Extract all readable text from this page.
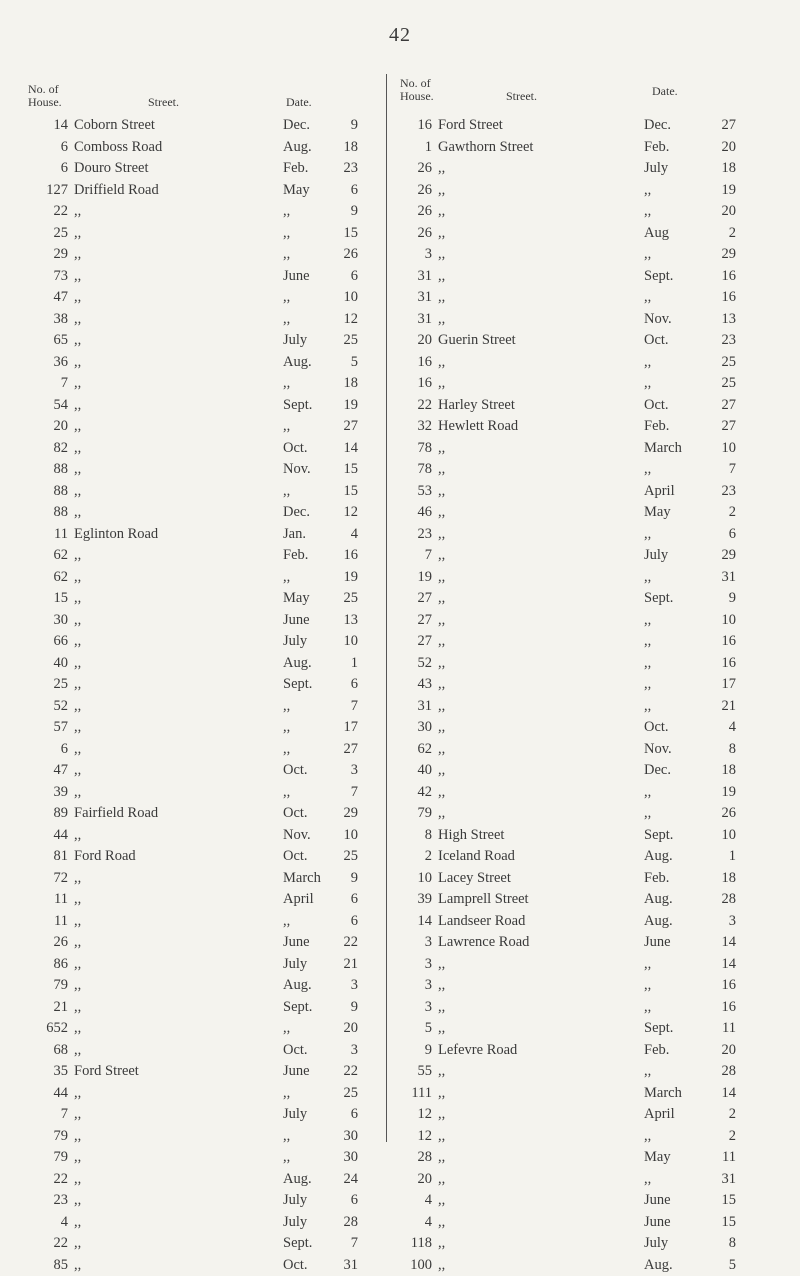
42
No. of
House.	Street.	Date.
14 Coborn Street	Dec.	9
6 Comboss Road	Aug.	18
6 Douro Street	Feb.	23
127 Driffield Road	May	6
22 ,,	,,	9
25 ,,	,,	15
29 ,,	,,	26
73 ,,	June	6
47 ,,	,,	10
38 ,,	,,	12
65 ,,	July	25
36 ,,	Aug.	5
7 ,,	,,	18
54 ,,	Sept.	19
20 ,,	,,	27
82 ,,	Oct.	14
88 ,,	Nov.	15
88 ,,	,,	15
88 ,,	Dec.	12
11 Eglinton Road	Jan.	4
62 ,,	Feb.	16
62 ,,	,,	19
15 ,,	May	25
30 ,,	June	13
66 ,,	July	10
40 ,,	Aug.	1
25 ,,	Sept.	6
52 ,,	,,	7
57 ,,	,,	17
6 ,,	,,	27
47 ,,	Oct.	3
39 ,,	,,	7
89 Fairfield Road	Oct.	29
44 ,,	Nov.	10
81 Ford Road	Oct.	25
72 ,,	March	9
11 ,,	April	6
11 ,,	,,	6
26 ,,	June	22
86 ,,	July	21
79 ,,	Aug.	3
21 ,,	Sept.	9
652 ,,	,,	20
68 ,,	Oct.	3
35 Ford Street	June	22
44 ,,	,,	25
7 ,,	July	6
79 ,,	,,	30
79 ,,	,,	30
22 ,,	Aug.	24
23 ,,	July	6
4 ,,	July	28
22 ,,	Sept.	7
85 ,,	Oct.	31
No. of
House.	Street.	Date.
16 Ford Street	Dec.	27
1 Gawthorn Street	Feb.	20
26 ,,	July	18
26 ,,	,,	19
26 ,,	,,	20
26 ,,	Aug	2
3 ,,	,,	29
31 ,,	Sept.	16
31 ,,	,,	16
31 ,,	Nov.	13
20 Guerin Street	Oct.	23
16 ,,	,,	25
16 ,,	,,	25
22 Harley Street	Oct.	27
32 Hewlett Road	Feb.	27
78 ,,	March	10
78 ,,	,,	7
53 ,,	April	23
46 ,,	May	2
23 ,,	,,	6
7 ,,	July	29
19 ,,	,,	31
27 ,,	Sept.	9
27 ,,	,,	10
27 ,,	,,	16
52 ,,	,,	16
43 ,,	,,	17
31 ,,	,,	21
30 ,,	Oct.	4
62 ,,	Nov.	8
40 ,,	Dec.	18
42 ,,	,,	19
79 ,,	,,	26
8 High Street	Sept.	10
2 Iceland Road	Aug.	1
10 Lacey Street	Feb.	18
39 Lamprell Street	Aug.	28
14 Landseer Road	Aug.	3
3 Lawrence Road	June	14
3 ,,	,,	14
3 ,,	,,	16
3 ,,	,,	16
5 ,,	Sept.	11
9 Lefevre Road	Feb.	20
55 ,,	,,	28
111 ,,	March	14
12 ,,	April	2
12 ,,	,,	2
28 ,,	May	11
20 ,,	,,	31
4 ,,	June	15
4 ,,	June	15
118 ,,	July	8
100 ,,	Aug.	5
